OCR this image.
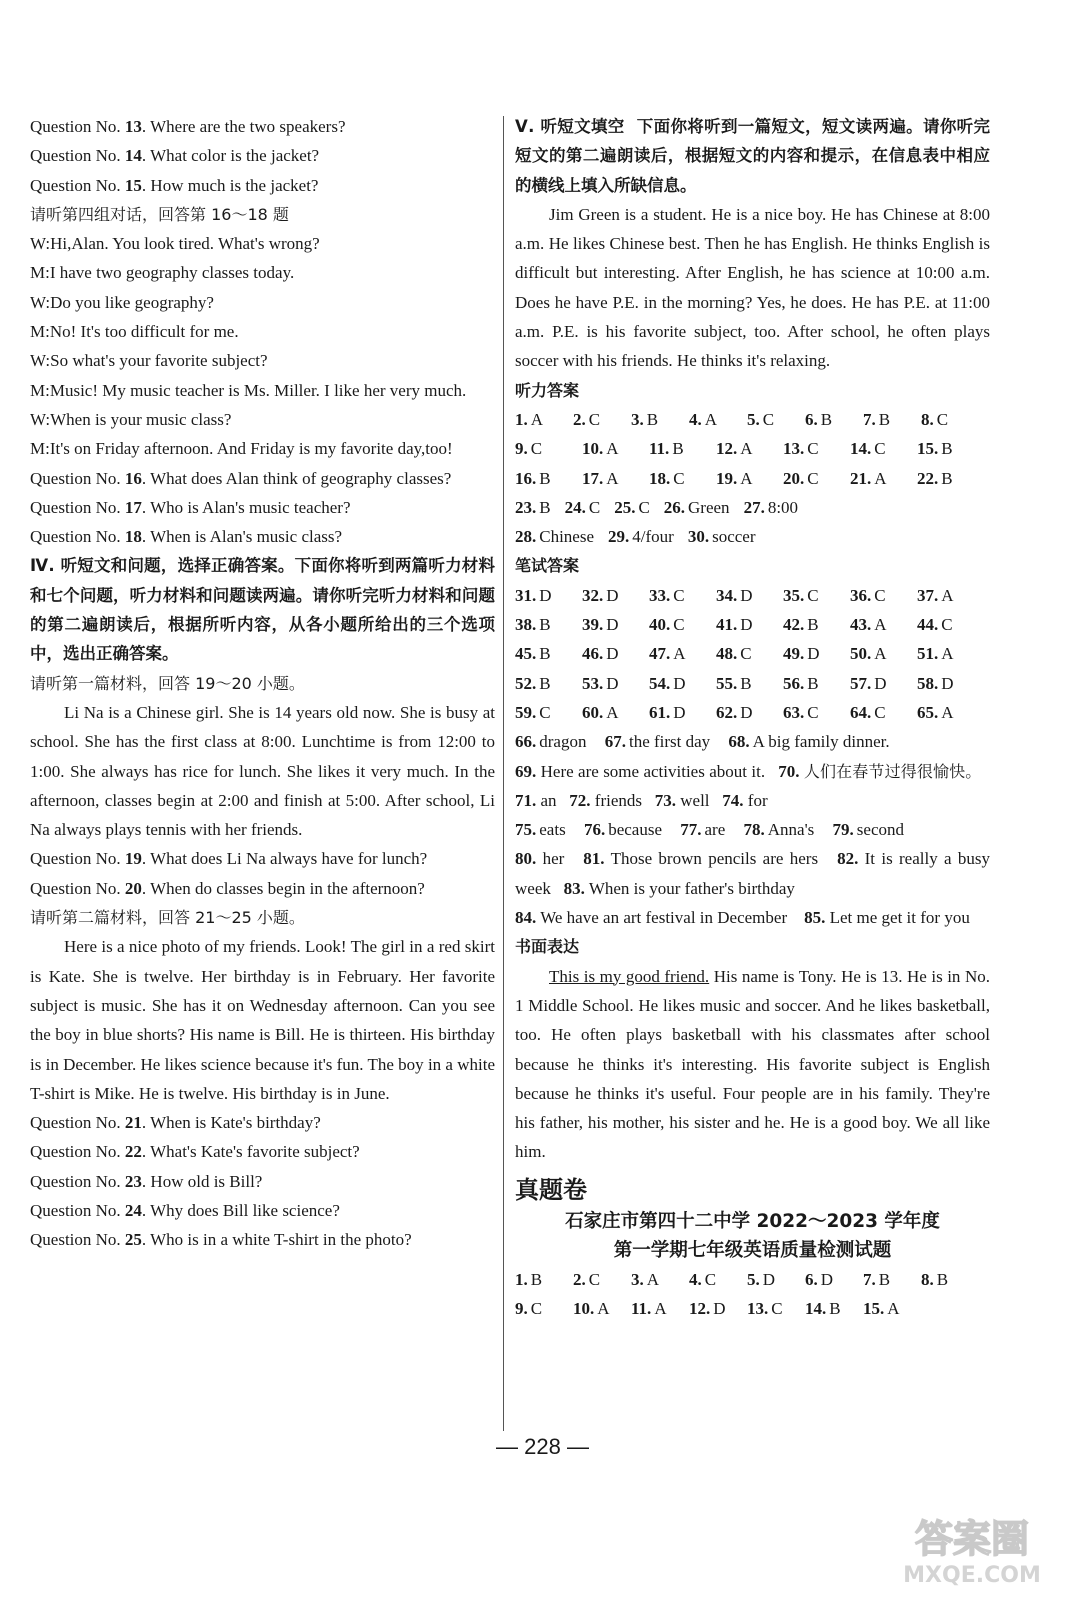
Question No. 13. Where are the two speakers?
Question No. 14. What color is the jacket?
Question No. 15. How much is the jacket?
请听第四组对话，回答第 16～18 题
W:Hi,Alan. You look tired. What's wrong?
M:I have two geography classes today.
W:Do you like geography?
M:No! It's too difficult for me.
W:So what's your favorite subject?
M:Music! My music teacher is Ms. Miller. I like her very much.
W:When is your music class?
M:It's on Friday afternoon. And Friday is my favorite day,too!
Question No. 16. What does Alan think of geography classes?
Question No. 17. Who is Alan's music teacher?
Question No. 18. When is Alan's music class?
Ⅳ. 听短文和问题，选择正确答案。下面你将听到两篇听力材料和七个问题，听力材料和问题读两遍。请你听完听力材料和问题的第二遍朗读后，根据所听内容，从各小题所给出的三个选项中，选出正确答案。
请听第一篇材料，回答 19～20 小题。
Li Na is a Chinese girl. She is 14 years old now. She is busy at school. She has the first class at 8:00. Lunchtime is from 12:00 to 1:00. She always has rice for lunch. She likes it very much. In the afternoon, classes begin at 2:00 and finish at 5:00. After school, Li Na always plays tennis with her friends.
Question No. 19. What does Li Na always have for lunch?
Question No. 20. When do classes begin in the afternoon?
请听第二篇材料，回答 21～25 小题。
Here is a nice photo of my friends. Look! The girl in a red skirt is Kate. She is twelve. Her birthday is in February. Her favorite subject is music. She has it on Wednesday afternoon. Can you see the boy in blue shorts? His name is Bill. He is thirteen. His birthday is in December. He likes science because it's fun. The boy in a white T-shirt is Mike. He is twelve. His birthday is in June.
Question No. 21. When is Kate's birthday?
Question No. 22. What's Kate's favorite subject?
Question No. 23. How old is Bill?
Question No. 24. Why does Bill like science?
Question No. 25. Who is in a white T-shirt in the photo?
Ⅴ. 听短文填空 下面你将听到一篇短文，短文读两遍。请你听完短文的第二遍朗读后，根据短文的内容和提示，在信息表中相应的横线上填入所缺信息。
Jim Green is a student. He is a nice boy. He has Chinese at 8:00 a.m. He likes Chinese best. Then he has English. He thinks English is difficult but interesting. After English, he has science at 10:00 a.m. Does he have P.E. in the morning? Yes, he does. He has P.E. at 11:00 a.m. P.E. is his favorite subject, too. After school, he often plays soccer with his friends. He thinks it's relaxing.
听力答案
1. A	2. C	3. B	4. A	5. C	6. B	7. B	8. C
9. C	10. A	11. B	12. A	13. C	14. C	15. B
16. B	17. A	18. C	19. A	20. C	21. A	22. B
23. B 24. C 25. C 26. Green 27. 8:00
28. Chinese 29. 4/four 30. soccer
笔试答案
31. D	32. D	33. C	34. D	35. C	36. C	37. A
38. B	39. D	40. C	41. D	42. B	43. A	44. C
45. B	46. D	47. A	48. C	49. D	50. A	51. A
52. B	53. D	54. D	55. B	56. B	57. D	58. D
59. C	60. A	61. D	62. D	63. C	64. C	65. A
66. dragon 67. the first day 68. A big family dinner.
69. Here are some activities about it. 70. 人们在春节过得很愉快。   71. an 72. friends 73. well 74. for
75. eats 76. because 77. are 78. Anna's 79. second
80. her 81. Those brown pencils are hers 82. It is really a busy week 83. When is your father's birthday
84. We have an art festival in December 85. Let me get it for you
书面表达
This is my good friend. His name is Tony. He is 13. He is in No. 1 Middle School. He likes music and soccer. And he likes basketball, too. He often plays basketball with his classmates after school because he thinks it's interesting. His favorite subject is English because he thinks it's useful. Four people are in his family. They're his father, his mother, his sister and he. He is a good boy. We all like him.
真题卷
石家庄市第四十二中学 2022～2023 学年度
第一学期七年级英语质量检测试题
1. B	2. C	3. A	4. C	5. D	6. D	7. B	8. B
9. C	10. A	11. A	12. D	13. C	14. B	15. A
— 228 —
答案圈
MXQE.COM
